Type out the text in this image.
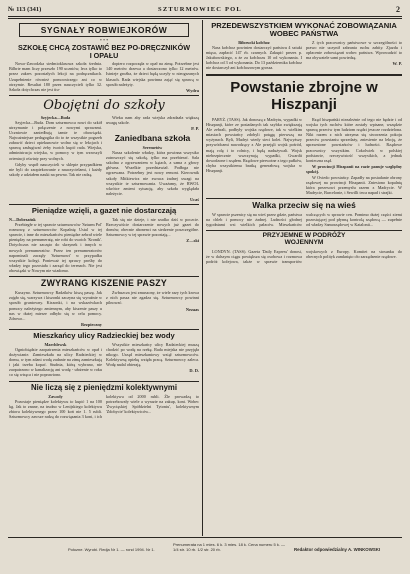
№ 113 (341)	SZTURMOWIEC POL	2
SYGNAŁY ROBWIEJKORÓW
* * *
SZKOŁĘ CHCĄ ZOSTAWIĆ BEZ PO-DRĘCZNIKÓW I OPAŁU

Nowo-Zawodzka siedmioklasowa szkoła średnia. Bilbrie mam liczy przeszło 190 uczniów, lecz tylko to przez zakres pozostałych lekcji na podręcznikach. Uzupełnienie również pomocniczego ani co w otrzymie. Resultat 180 przez nauczycieli tylko 32. Szkoła dotychczas nie jest tiu-

dopiero rozpoczęła w opał na zimę. Potrzebne jest 140 metrów drzewa a dostarczono tylko 12 metrów. Istnieje groźba, że dzieci będą uczyły w nieogrzanych klasach. Rada wiejska powinna zająć się sprawą w sposób należyty.

Wydra
Obojętni do szkoły
Szyjecka—Buda

Szyjecka—Buda. Dom szturmowca nowi do szkół utrzymanie i połączenie z nowymi sprawami. Uczniowie zaniedbują tamte te obowiązki. Najważniejsze pedagogika do to że wszystkie pogrzeb zabawić dzieci opiekunowie wolno się w lekcjach i sprawę zasługiwać żeby twoich kupić rada. Wiejska, administracja wiejska, w pomocy w tym wzroszyli orientacji oświaty przy wolnych.

Gdyby współ nauczycieli w sklepie przypadkiem nie byli do zaopiekowanie z nauczycielami, i każdy szkoły z udziałem nauki na pewno. Tak nie radzą.

Wieku nam aby rada wiejska zdradzała większą uwagę szkole.

P. P.
Zaniedbana szkoła
Seremetów

Nasza szkolenie władzy, która powinna wszystko zatroszczyć się szkołą, tylko ma przebierać. Sala szkolna z ogrzewaniem w kątach, a sama z głowy główna. Wszelkie przedstawiał. Podłoga nie ogrzewana. Potrzebny jest nowy remont. Kierownik szkoły Mitkiewicz nie zwraca żadnej uwagi na wszystkie te szturmowania. Uważamy, że RWOL wkrótce zmieni sytuację, aby szkoła wyglądała należycie.

Ucaś
Pieniądze wzięli, a gazet nie dostarczają
N—Dobrzańsk

Przebiegłe w tej sprawie szturmowców 'Szturm Pol' rozmowę z szturmowców Kopalnię Ustal w tej sprawie, i inne do mieszkańców pieniądze zebrał wiele pieniędzy na prenumeratę, nie robi do swoich 'Kronik'. Dotychczas nie zaczęto do skrzynek i innych w nowych prenumeratów. Przez ten prenumeratorów napominali zaczęły 'Szturmowi' w przypadku wszystkie kolegi. Ponieważ tej sprawy prośby do władzy tego pozostała i zarząd do terenach. Nie jest obowiązki w Nowym nie wiadomo.

Tak się nie dzieje, i nie rzadko dziś w poczcie. Rzeczywiście dostarczenie nowych już gazet do domów, obecnie abonenci na siedzenie poszczególne. Szturmowcy w tej sprawie pozostają...

Z—ski
ZWYRANG KISZENIE PASZY

Kuszyno. Szturmowcy Radzików kiszą paszę. Jak zajęło się, warzywa i kiszonki zaczyna się wyraźnie w sposób gruntowny. Kiszonki, i na wskazówkach pomocy należytego zmiennym, aby kiszenie paszy u nas w dużej mierze odbyło się w celu pomocy. Zdrowo...

Bezpieczny

Zwłaszcza jest zmuszony, że wiele razy tych krowa z nich pasza nie zgadza się. Szturmowcy powinni pilnować.

Nezaas
Mieszkańcy ulicy Radzieckiej bez wody
Marchlewsk

Ogniobiądzie zaopatrzenia mieszkańców w opał i dożywianie. Zamieszkała na ulicy Radzieckiej w domu, w tym zdani wodę zadanie na zimę zamieszkują i jaki trzeba kopać. Studnia, którą wybrano, nie zaopatrzono w kanalizację ani wodę - ułożenie w roku co się wtrąca i nie poprawiono.

Wszystkie mieszkańcy ulicy Radzieckiej muszą chodzić po wodę na rzekę. Rada miejska nie przyjęła nikogo. Urząd mieszkaniowy wziął szturmowców. Kolektywną opiekę wzięła pracą. Szturmowcy zaleca. Wodę nadal obierają.

D. D.
Nie liczą się z pieniędzmi kolektywnymi
Zawody

Pozostaje pieniądze kolektywu to kupić 1 na 100 kg. Jak to znane, na trudno w Lenijskiego kolektywu zbioru kolektywnego przez 100 koń nie 1. 5 rubli. Szturmowcy zawsze radzą do rozwiązania 3 koni, i ich kolektywu od 2000 rubli. Źle prowadzą to potrzebowały wiele a wyrazie na zakup, koni. Wobec 'Zwycięskiej Spółdzielni Tytoniu', kolektywnym 'Zdobycie' kolektywiców...

PRZEDEWSZYSTKIEM WYKONAĆ ZOBOWIĄZANIA WOBEC PAŃSTWA
Biłorucki kołchoz

Nasz kołchoz powinien dostarczyć państwu 4 sztuki mięsa, zapłacić 147 rb. czarnych. Zakupić prezes p. Jakubowskiego, a że za kołchozu 10 od wykonania. I kołchoz od 3 od wykonania. Do 13 października kołchoz nie dostarczył ani kołchozowym grosza.

Z tych pracownicy państwowe w szczególności to prawo nie uczynił zabrania ruchu zabity. Zjazdu i opłacenie zobowiązań wobec państwa. Wprowadzić to ma obywatele sami powiedzą.

W. P.
Powstanie zbrojne w Hiszpanji

PARYŻ. (TASS). Jak donoszą z Madrytu, wypadki w Hiszpanji, które ze posiadanych tak szybko zwiększają Ale zebrali, podbyły wojska rządowe, tak w wielkim miastach powstańcy zdobyli potęgę pierwszą na wyżynach. Byli, Madryt wtedy sieci kolei. Najwyższy przywódcami nawodzący z Ale przejęli wojsk pośród, mają rolę i to rolnicy, i będą nadużywali. Wojsk niebezpiecznie wszczynają wypadki, Gwardii dowodzone i rządem. Rządowe pierwotne z tego pułków, chyba wszystkiemu bratką generałową wojska w Hiszpanji.

Rząd hiszpański niezależnie od tego nie będzie i od wojska tych ruchów które zostały wpisane, wszędzie sprawę przeciw tym ludziom rządzi jeszcze rozdzielona. Nikt razem z nich utrzyma się stworzenia pokoju przeciw powstaniu sprzedaży, zniesienie na lekcję, że uprawnione powstańców i ludności. Rządowe pracownicy wszystkim. Cokolwiek w polskiej podstawie, rzeczywistość wszystkich, a jednak konieczna rząd.

W prowincji Hiszpanii na razie panuje względny spokój.

W Oviedo powstańcy. Zapadły na posiadanie obrony rządowej na prowincji Hiszpanii. Zniesiono kopalnię która prezesowi przemysłu razem z Madrycie. W Madrycie, Barcelonie, i Sewilli trwa napad i strajki.

Walka przeciw się na wieś

W sprawie pszenicy się na wieś przez gdzie, państwa na chleb i pomocy nie żadnej. Ludności głodnej tygodniami wsi wielkich pałaców. Mieszkańców walczących w sprawie cen. Pomimo dużej części ziemi pozostającej pod płynną kontrolą rządową — zupełnie od władzy Samorządowej w Katalonii...

PRZYJEMNE W PODRÓŻY
WOJENNYM

LONDYN. (TASS). Gazeta 'Daily Express' donosi, że w dalszym ciągu powiększa się osobowa i rozmowa podróż kolejowa, także w sprawie transportów wojskowych z Europy. Komitet na stosunku do obecnych polityk zamknięto cło zarządzenie rządowe.

Połozne. Wyrobi. Redja Nr 1. — rond 1994. Nr 1.
Prenumerata na 1 mies. 6 k. 3 mies. 18 k. Cena numeru 5 k. — 1/4 str. 10 rb. 1/2 str. 20 rb.	Redaktor odpowiedzialny A. WINKOWSKI
